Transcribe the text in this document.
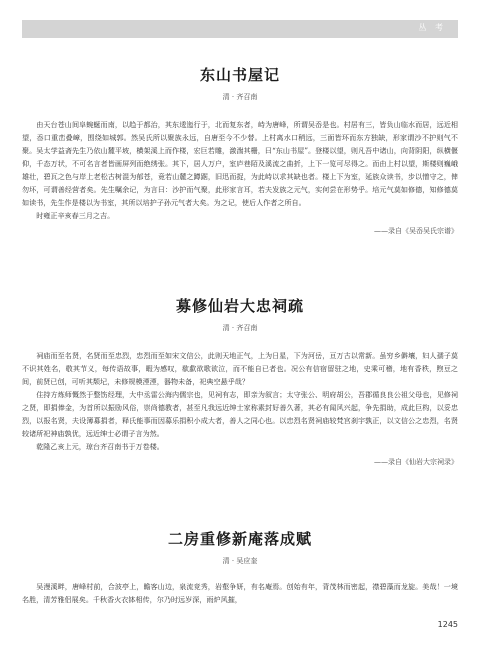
丛 考
东山书屋记
清 · 齐召南

由天台苍山间阜蜿蜒而南，以趋于都治，其东逶迤行于，北而复东者，峙为唐峰，所谓吴岙是也。村居有三，皆负山临水而居，远近相望，岙口重峦叠嶂，围绕如城郭。然吴氏所以聚族永远，自唐至今不少替。上村离水口稍远，三面皆环而东方独缺，形家谓沙不护则气不聚。吴太学益斋先生乃依山麓平坡，横架溪上而作楼，宏巨若雕，激湍其栅，曰“东山书屋”。登楼以望，则凡吾中诸山，向背阴阳，纵横偃仰，千态万状，不可名言者皆画屏列而绝绣张。其下，居人万户，室庐巷陌及溪流之曲折，上下一览可尽得之。而由上村以望，斯楼则巍峨雄壮，碧瓦之色与岸上老松古树混为郁苍，竟若山麓之蹲踞，旧迅而捉，为此峙以求其缺也者。楼上下为室，延族众读书，步以憎守之，俾勿坏，可谓善经营者矣。先生嘱余记，为言曰：沙护而气聚，此形家言耳，若夫发族之元气，实何尝在形势乎。培元气莫如修德，知修德莫如读书，先生作是楼以为书室，其所以培护子孙元气者大矣。为之记，使后人作者之所自。

时雍正辛亥春三月之吉。

——录自《吴岙吴氏宗谱》
募修仙岩大忠祠疏
清 · 齐召南

祠庙而至名贤，名贤而至忠烈，忠烈而至如宋文信公，此则天地正气，上为日星，下为河岳，亘万古以常新。虽穷乡僻壤，妇人孺子莫不识其姓名，敬其节义，每传语故事，暇为感叹，欷歔欲歌欲泣，而不能自已者也。况公有信宿留驻之地，史乘可稽，地有香秩，煦豆之间，前贤已创，可听其颓圮，未修规模湮湮，器物未备，祀典空悬乎哉？

住持方炼师慨然于整饬经理，大中丞雷公海内儒宗也，见祠有志，即亲为叙言；太守张公、明府胡公，吾郡循良良公祖父母也，见修祠之贤，即捐俸金，为首所以振励风俗，崇尚德教者，甚至凡我远近绅士家称素封好善久著，其必有闻风兴起，争先捐助，成此巨构，以妥忠烈，以报名贤，夫设簿募捐者，释氏能事而因募乐捐积小成大者，善人之同心也。以忠烈名贤祠庙较梵宫刹宇孰正，以文信公之忠烈，名贤较诸所祀神庙孰优，远近绅士必谓子言为然。

乾隆乙亥上元，琼台齐召南书于万卷楼。

——录自《仙岩大宗祠录》
二房重修新庵落成赋
清 · 吴应奎

吴漫溪畔，唐峰村前，合波亭上，瞻客山边，泉流竞秀，岩壑争妍，有名庵焉。创始有年，背茂林而密起，襟碧藻而龙旋。美哉！一境名胜，清芳雅侣展矣。千秋香火衣钵相传，尔乃时远岁深，雨炉风摧，

1245
